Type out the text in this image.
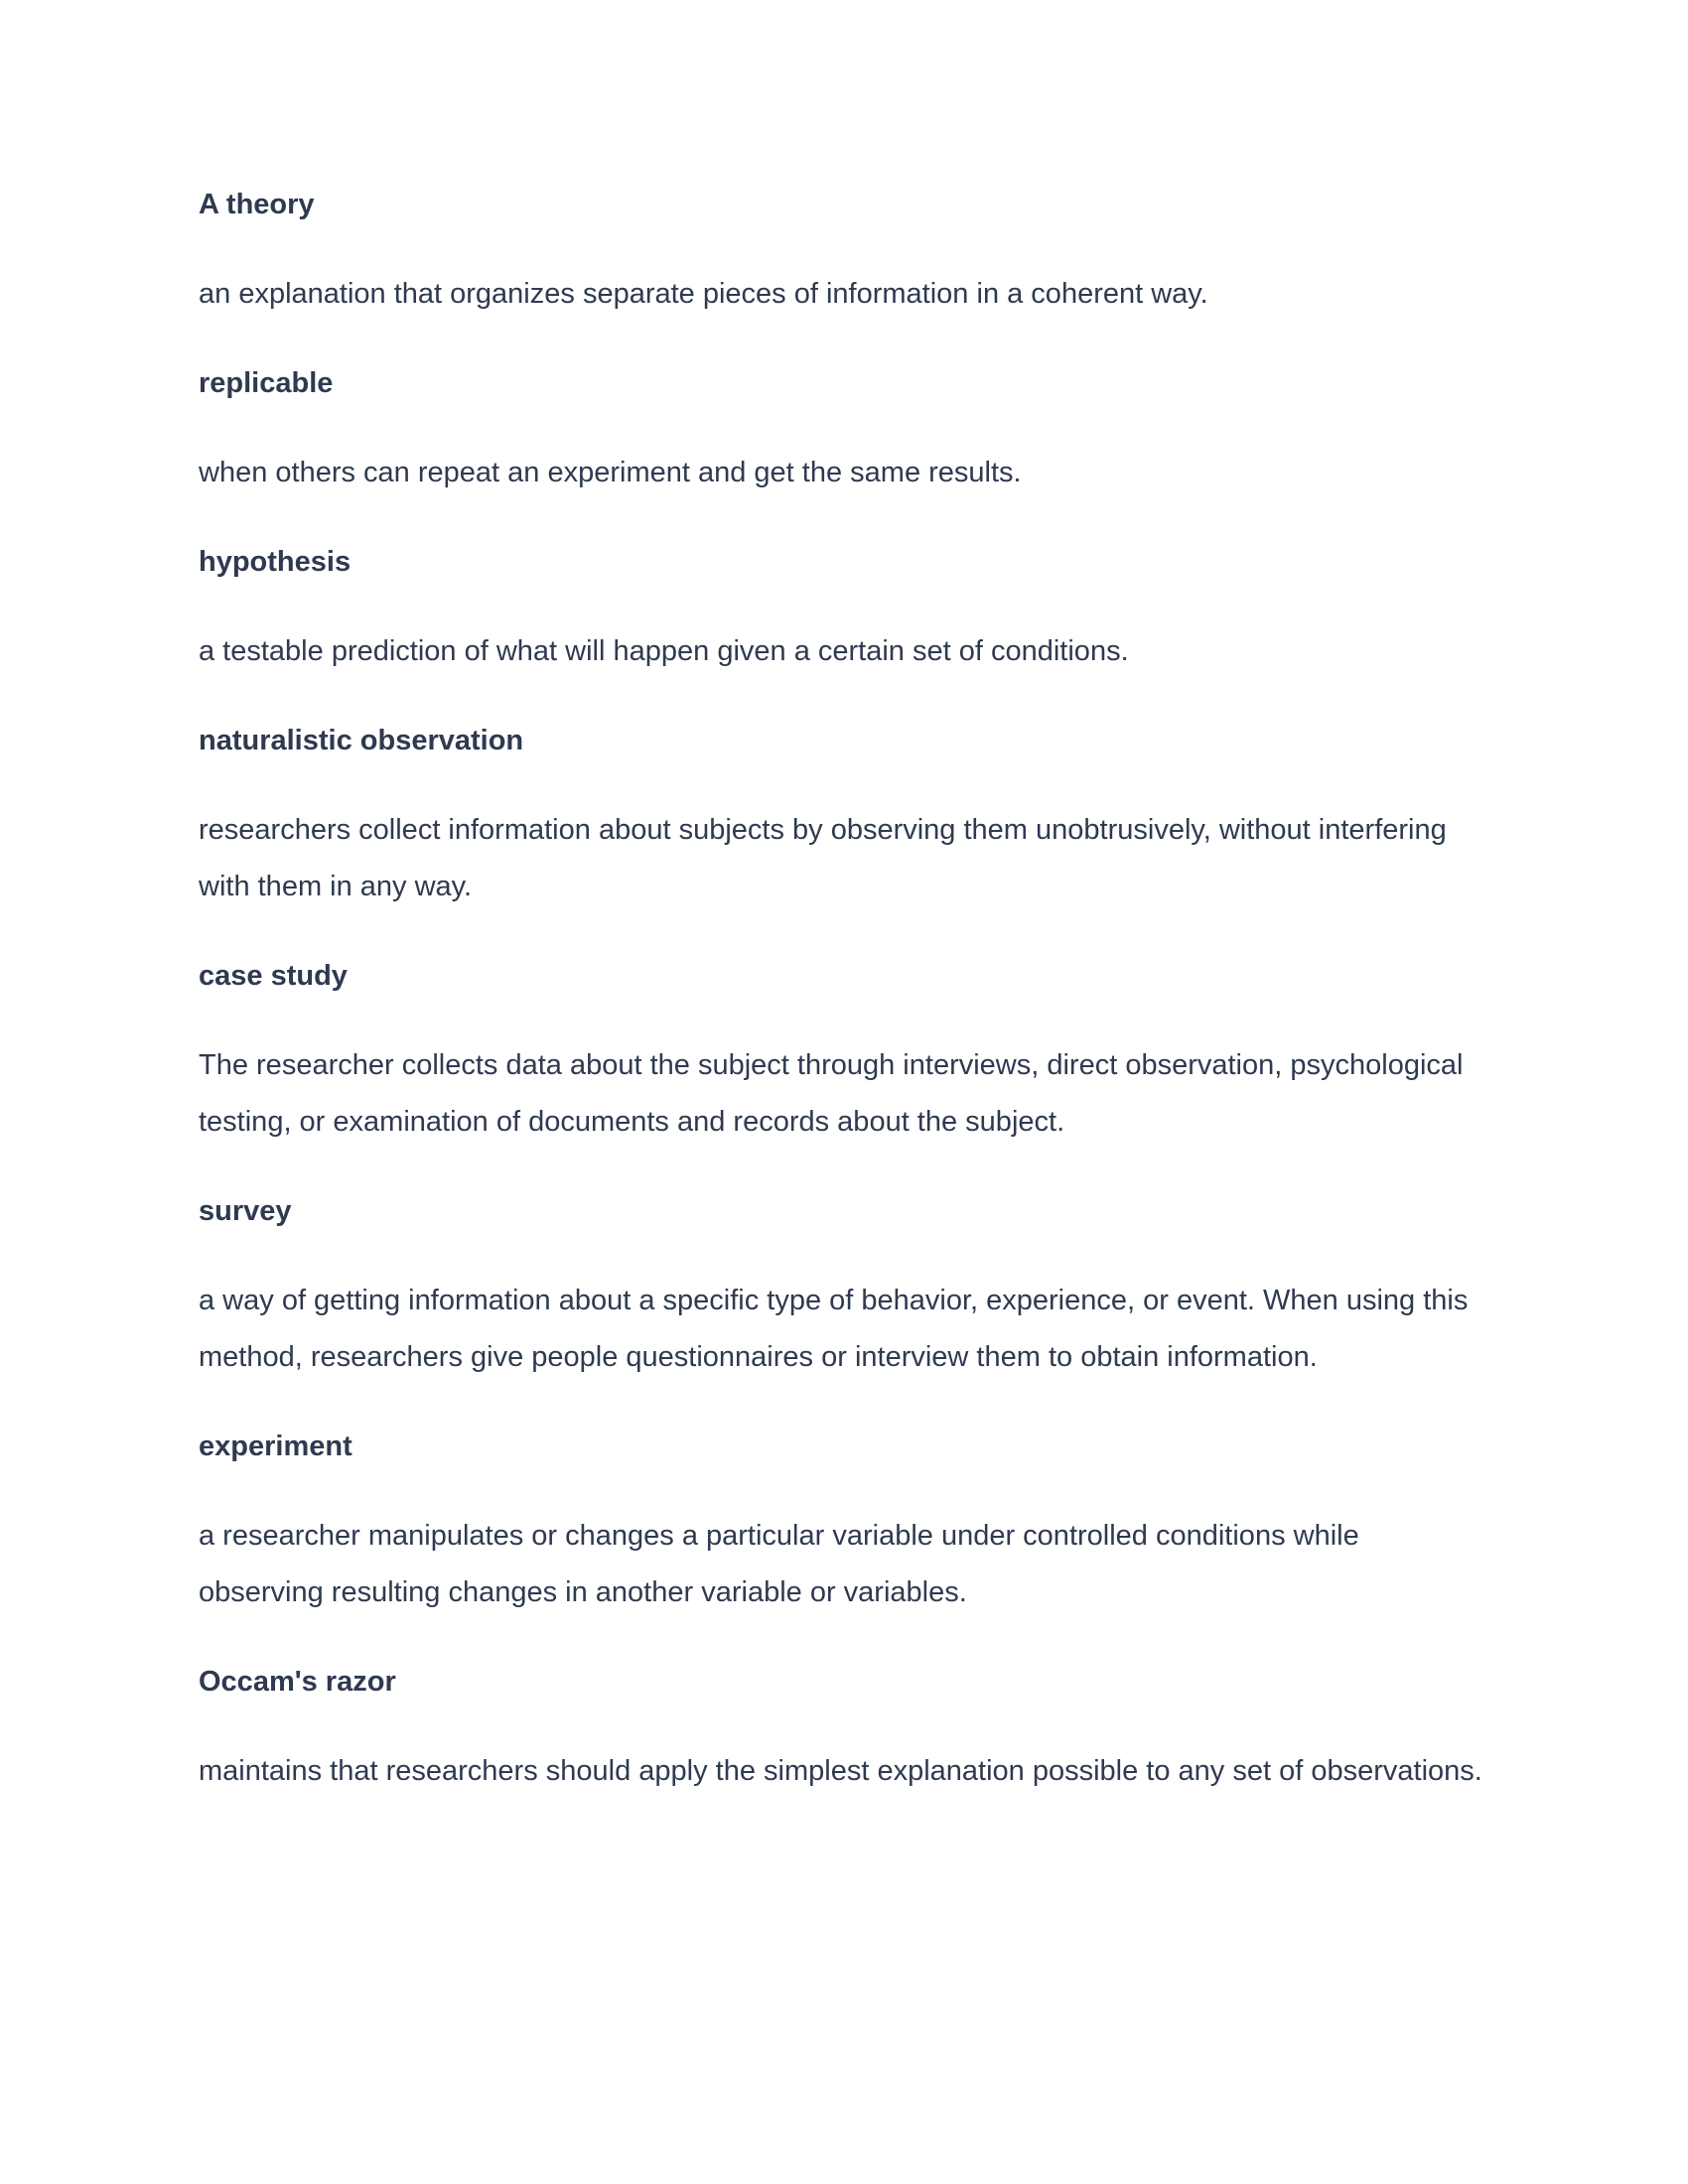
A theory

an explanation that organizes separate pieces of information in a coherent way.

replicable

when others can repeat an experiment and get the same results.

hypothesis

a testable prediction of what will happen given a certain set of conditions.

naturalistic observation

researchers collect information about subjects by observing them unobtrusively, without interfering with them in any way.

case study

The researcher collects data about the subject through interviews, direct observation, psychological testing, or examination of documents and records about the subject.

survey

a way of getting information about a specific type of behavior, experience, or event. When using this method, researchers give people questionnaires or interview them to obtain information.

experiment

a researcher manipulates or changes a particular variable under controlled conditions while observing resulting changes in another variable or variables.

Occam's razor

maintains that researchers should apply the simplest explanation possible to any set of observations.
